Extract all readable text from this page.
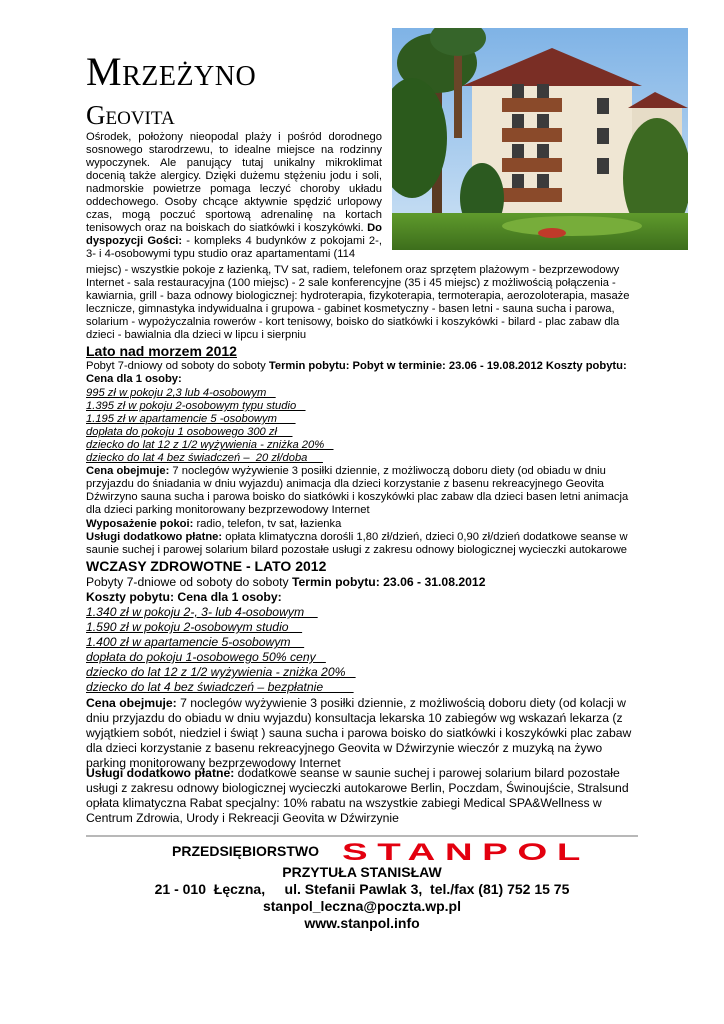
Mrzeżyno
Geovita
Ośrodek, położony nieopodal plaży i pośród dorodnego sosnowego starodrzewu, to idealne miejsce na rodzinny wypoczynek. Ale panujący tutaj unikalny mikroklimat docenią także alergicy. Dzięki dużemu stężeniu jodu i soli, nadmorskie powietrze pomaga leczyć choroby układu oddechowego. Osoby chcące aktywnie spędzić urlopowy czas, mogą poczuć sportową adrenalinę na kortach tenisowych oraz na boiskach do siatkówki i koszykówki. Do dyspozycji Gości: - kompleks 4 budynków z pokojami 2-, 3- i 4-osobowymi typu studio oraz apartamentami (114
miejsc) - wszystkie pokoje z łazienką, TV sat, radiem, telefonem oraz sprzętem plażowym - bezprzewodowy Internet - sala restauracyjna (100 miejsc) - 2 sale konferencyjne (35 i 45 miejsc) z możliwością połączenia - kawiarnia, grill - baza odnowy biologicznej: hydroterapia, fizykoterapia, termoterapia, aerozoloterapia, masaże lecznicze, gimnastyka indywidualna i grupowa - gabinet kosmetyczny - basen letni - sauna sucha i parowa, solarium - wypożyczalnia rowerów - kort tenisowy, boisko do siatkówki i koszykówki - bilard - plac zabaw dla dzieci - bawialnia dla dzieci w lipcu i sierpniu
Lato nad morzem 2012
Pobyt 7-dniowy od soboty do soboty Termin pobytu: Pobyt w terminie: 23.06 - 19.08.2012 Koszty pobytu: Cena dla 1 osoby:
995 zł w pokoju 2,3 lub 4-osobowym
1.395 zł w pokoju 2-osobowym typu studio
1.195 zł w apartamencie 5 -osobowym
dopłata do pokoju 1 osobowego 300 zł
dziecko do lat 12 z 1/2 wyżywienia - zniżka 20%
dziecko do lat 4 bez świadczeń –  20 zł/doba
Cena obejmuje: 7 noclegów wyżywienie 3 posiłki dziennie, z możliwoczą doboru diety (od obiadu w dniu przyjazdu do śniadania w dniu wyjazdu) animacja dla dzieci korzystanie z basenu rekreacyjnego Geovita Dźwirzyno sauna sucha i parowa boisko do siatkówki i koszykówki plac zabaw dla dzieci basen letni animacja dla dzieci parking monitorowany bezprzewodowy Internet
Wyposażenie pokoi: radio, telefon, tv sat, łazienka
Usługi dodatkowo płatne: opłata klimatyczna dorośli 1,80 zł/dzień, dzieci 0,90 zł/dzień dodatkowe seanse w saunie suchej i parowej solarium bilard pozostałe usługi z zakresu odnowy biologicznej wycieczki autokarowe
WCZASY ZDROWOTNE - LATO 2012
Pobyty 7-dniowe od soboty do soboty Termin pobytu: 23.06 - 31.08.2012
Koszty pobytu: Cena dla 1 osoby:
1.340 zł w pokoju 2-, 3- lub 4-osobowym
1.590 zł w pokoju 2-osobowym studio
1.400 zł w apartamencie 5-osobowym
dopłata do pokoju 1-osobowego 50% ceny
dziecko do lat 12 z 1/2 wyżywienia - zniżka 20%
dziecko do lat 4 bez świadczeń – bezpłatnie
Cena obejmuje: 7 noclegów wyżywienie 3 posiłki dziennie, z możliwością doboru diety (od kolacji w dniu przyjazdu do obiadu w dniu wyjazdu) konsultacja lekarska 10 zabiegów wg wskazań lekarza (z wyjątkiem sobót, niedziel i świąt ) sauna sucha i parowa boisko do siatkówki i koszykówki plac zabaw dla dzieci korzystanie z basenu rekreacyjnego Geovita w Dźwirzynie wieczór z muzyką na żywo parking monitorowany bezprzewodowy Internet
Usługi dodatkowo płatne: dodatkowe seanse w saunie suchej i parowej solarium bilard pozostałe usługi z zakresu odnowy biologicznej wycieczki autokarowe Berlin, Poczdam, Świnoujście, Stralsund opłata klimatyczna Rabat specjalny: 10% rabatu na wszystkie zabiegi Medical SPA&Wellness w Centrum Zdrowia, Urody i Rekreacji Geovita w Dźwirzynie
PRZEDSIĘBIORSTWO STANPOL
PRZYTUŁA STANISŁAW
21 - 010  Łęczna,     ul. Stefanii Pawlak 3,  tel./fax (81) 752 15 75
stanpol_leczna@poczta.wp.pl
www.stanpol.info
